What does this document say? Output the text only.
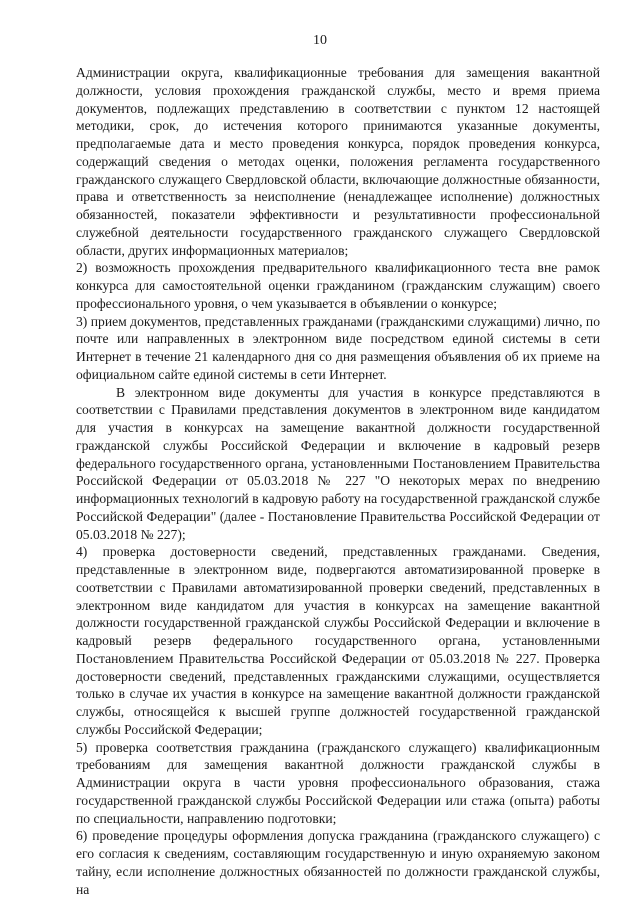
10

Администрации округа, квалификационные требования для замещения вакантной должности, условия прохождения гражданской службы, место и время приема документов, подлежащих представлению в соответствии с пунктом 12 настоящей методики, срок, до истечения которого принимаются указанные документы, предполагаемые дата и место проведения конкурса, порядок проведения конкурса, содержащий сведения о методах оценки, положения регламента государственного гражданского служащего Свердловской области, включающие должностные обязанности, права и ответственность за неисполнение (ненадлежащее исполнение) должностных обязанностей, показатели эффективности и результативности профессиональной служебной деятельности государственного гражданского служащего Свердловской области, других информационных материалов;

2) возможность прохождения предварительного квалификационного теста вне рамок конкурса для самостоятельной оценки гражданином (гражданским служащим) своего профессионального уровня, о чем указывается в объявлении о конкурсе;

3) прием документов, представленных гражданами (гражданскими служащими) лично, по почте или направленных в электронном виде посредством единой системы в сети Интернет в течение 21 календарного дня со дня размещения объявления об их приеме на официальном сайте единой системы в сети Интернет.

В электронном виде документы для участия в конкурсе представляются в соответствии с Правилами представления документов в электронном виде кандидатом для участия в конкурсах на замещение вакантной должности государственной гражданской службы Российской Федерации и включение в кадровый резерв федерального государственного органа, установленными Постановлением Правительства Российской Федерации от 05.03.2018 № 227 "О некоторых мерах по внедрению информационных технологий в кадровую работу на государственной гражданской службе Российской Федерации" (далее - Постановление Правительства Российской Федерации от 05.03.2018 № 227);

4) проверка достоверности сведений, представленных гражданами. Сведения, представленные в электронном виде, подвергаются автоматизированной проверке в соответствии с Правилами автоматизированной проверки сведений, представленных в электронном виде кандидатом для участия в конкурсах на замещение вакантной должности государственной гражданской службы Российской Федерации и включение в кадровый резерв федерального государственного органа, установленными Постановлением Правительства Российской Федерации от 05.03.2018 № 227. Проверка достоверности сведений, представленных гражданскими служащими, осуществляется только в случае их участия в конкурсе на замещение вакантной должности гражданской службы, относящейся к высшей группе должностей государственной гражданской службы Российской Федерации;

5) проверка соответствия гражданина (гражданского служащего) квалификационным требованиям для замещения вакантной должности гражданской службы в Администрации округа в части уровня профессионального образования, стажа государственной гражданской службы Российской Федерации или стажа (опыта) работы по специальности, направлению подготовки;

6) проведение процедуры оформления допуска гражданина (гражданского служащего) с его согласия к сведениям, составляющим государственную и иную охраняемую законом тайну, если исполнение должностных обязанностей по должности гражданской службы, на
